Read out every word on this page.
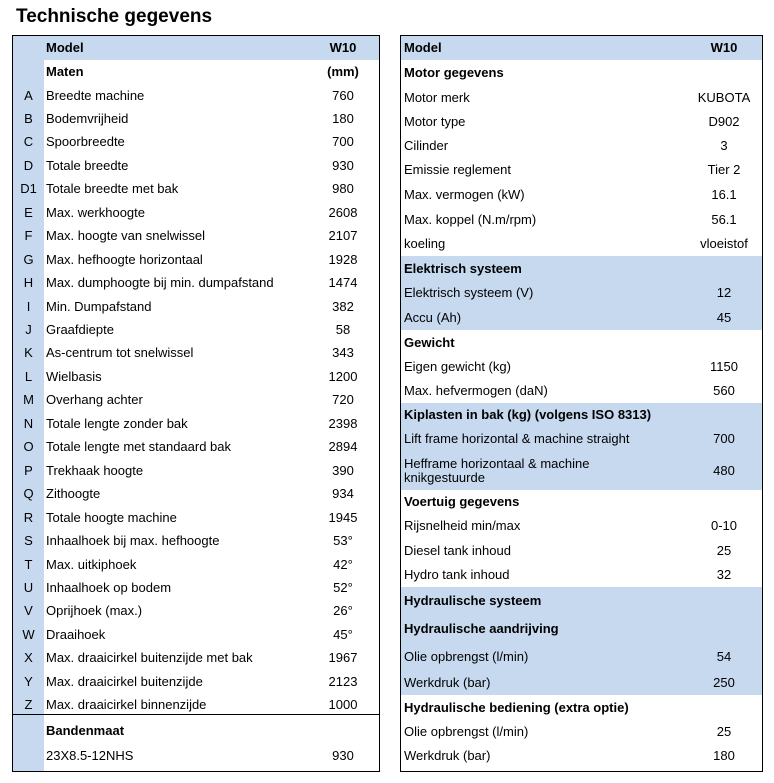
Technische gegevens
Model	W10
Maten	(mm)
A	Breedte machine	760
B	Bodemvrijheid	180
C Spoorbreedte	700
D Totale breedte	930
D1 Totale breedte met bak	980
E	Max. werkhoogte	2608
F	Max. hoogte van snelwissel	2107
G Max. hefhoogte horizontaal	1928
H Max. dumphoogte bij min. dumpafstand	1474
I	Min. Dumpafstand	382
J	Graafdiepte	58
K	As-centrum tot snelwissel	343
L	Wielbasis	1200
M Overhang achter	720
N Totale lengte zonder bak	2398
O Totale lengte met standaard bak	2894
P	Trekhaak hoogte	390
Q Zithoogte	934
R Totale hoogte machine	1945
S	Inhaalhoek bij max. hefhoogte	53°
T	Max. uitkiphoek	42°
U Inhaalhoek op bodem	52°
V	Oprijhoek (max.)	26°
W Draaihoek	45°
X	Max. draaicirkel buitenzijde met bak	1967
Y	Max. draaicirkel buitenzijde	2123
Z	Max. draaicirkel binnenzijde	1000
Bandenmaat
23X8.5-12NHS	930
Model	W10
Motor gegevens
Motor merk	KUBOTA
Motor type	D902
Cilinder	3
Emissie reglement	Tier 2
Max. vermogen (kW)	16.1
Max. koppel (N.m/rpm)	56.1
koeling	vloeistof
Elektrisch systeem
Elektrisch systeem (V)	12
Accu (Ah)	45
Gewicht
Eigen gewicht (kg)	1150
Max. hefvermogen (daN)	560
Kiplasten in bak (kg) (volgens ISO 8313)
Lift frame horizontal & machine straight	700
Hefframe horizontaal & machine knikgestuurde	480
Voertuig gegevens
Rijsnelheid min/max	0-10
Diesel tank inhoud	25
Hydro tank inhoud	32
Hydraulische systeem
Hydraulische aandrijving
Olie opbrengst (l/min)	54
Werkdruk (bar)	250
Hydraulische bediening (extra optie)
Olie opbrengst (l/min)	25
Werkdruk (bar)	180
